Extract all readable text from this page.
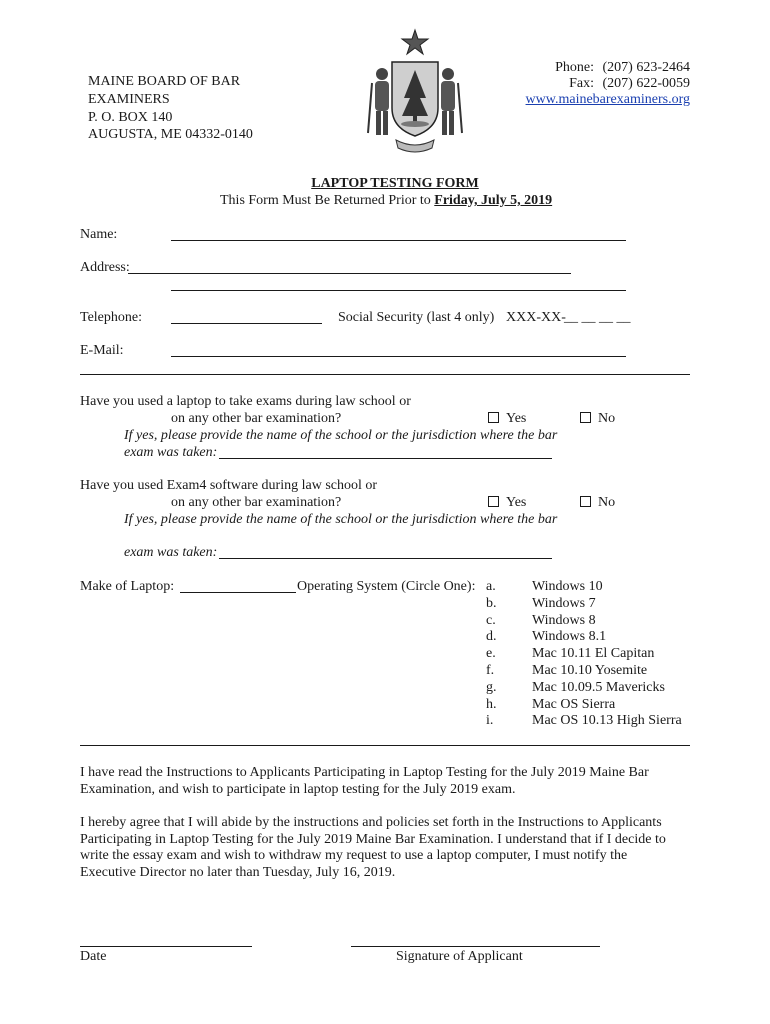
MAINE BOARD OF BAR
EXAMINERS
P. O. BOX 140
AUGUSTA, ME 04332-0140
Phone: (207) 623-2464
Fax: (207) 622-0059
www.mainebarexaminers.org
LAPTOP TESTING FORM
This Form Must Be Returned Prior to Friday, July 5, 2019
Name:
Address:
Telephone:	Social Security (last 4 only) XXX-XX-
__ __ __ __
E-Mail:
Have you used a laptop to take exams during law school or
on any other bar examination?	Yes	No
If yes, please provide the name of the school or the jurisdiction where the bar
exam was taken:
Have you used Exam4 software during law school or
on any other bar examination?	Yes	No
If yes, please provide the name of the school or the jurisdiction where the bar
exam was taken:
Make of Laptop:	Operating System (Circle One): a.	Windows 10
b.	Windows 7
c.	Windows 8
d.	Windows 8.1
e.	Mac 10.11 El Capitan
f.	Mac 10.10 Yosemite
g.	Mac 10.09.5 Mavericks
h.	Mac OS Sierra
i.	Mac OS 10.13 High Sierra
I have read the Instructions to Applicants Participating in Laptop Testing for the July 2019 Maine Bar Examination, and wish to participate in laptop testing for the July 2019 exam.
I hereby agree that I will abide by the instructions and policies set forth in the Instructions to Applicants Participating in Laptop Testing for the July 2019 Maine Bar Examination. I understand that if I decide to write the essay exam and wish to withdraw my request to use a laptop computer, I must notify the Executive Director no later than Tuesday, July 16, 2019.
Date	Signature of Applicant
